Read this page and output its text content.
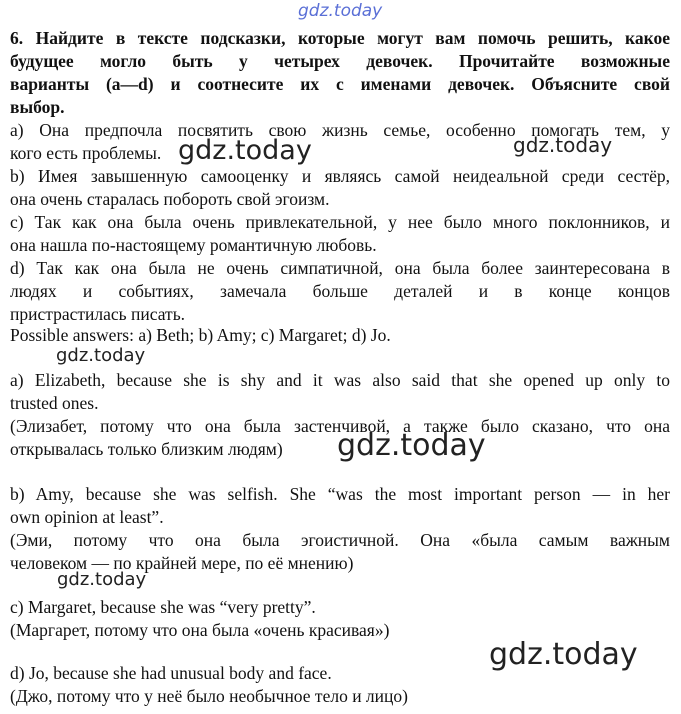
gdz.today
6. Найдите в тексте подсказки, которые могут вам помочь решить, какое
будущее могло быть у четырех девочек. Прочитайте возможные
варианты (a—d) и соотнесите их с именами девочек. Объясните свой
выбор.
a) Она предпочла посвятить свою жизнь семье, особенно помогать тем, у
кого есть проблемы.
b) Имея завышенную самооценку и являясь самой неидеальной среди сестёр,
она очень старалась побороть свой эгоизм.
c) Так как она была очень привлекательной, у нее было много поклонников, и
она нашла по-настоящему романтичную любовь.
d) Так как она была не очень симпатичной, она была более заинтересована в
людях и событиях, замечала больше деталей и в конце концов
пристрастилась писать.
Possible answers: a) Beth; b) Amy; c) Margaret; d) Jo.
gdz.today	gdz.today
gdz.today
a) Elizabeth, because she is shy and it was also said that she opened up only to
trusted ones.
(Элизабет, потому что она была застенчивой, а также было сказано, что она
открывалась только близким людям) gdz.today
b) Amy, because she was selfish. She “was the most important person — in her
own opinion at least”.
(Эми, потому что она была эгоистичной. Она «была самым важным
человеком — по крайней мере, по её мнению)
gdz.today
c) Margaret, because she was “very pretty”.
(Маргарет, потому что она была «очень красивая»)
gdz.today
d) Jo, because she had unusual body and face.
(Джо, потому что у неё было необычное тело и лицо)
